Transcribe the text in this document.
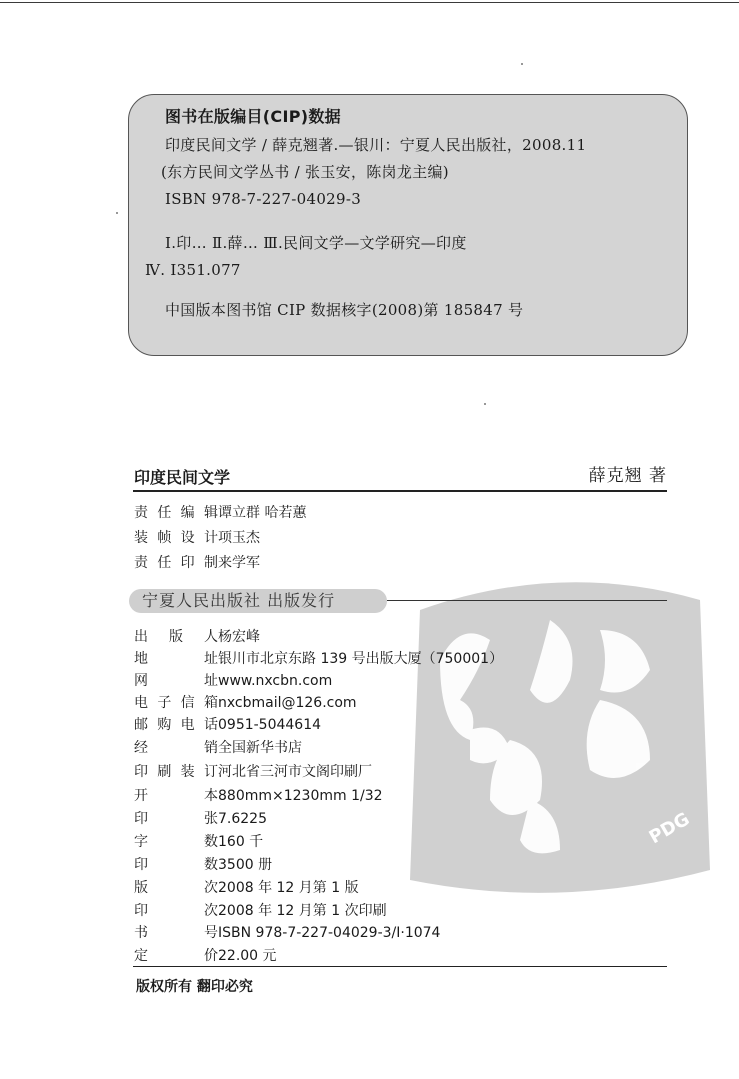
图书在版编目(CIP)数据
印度民间文学 / 薛克翘著.—银川：宁夏人民出版社，2008.11
(东方民间文学丛书 / 张玉安，陈岗龙主编)
ISBN 978-7-227-04029-3
Ⅰ.印… Ⅱ.薛… Ⅲ.民间文学—文学研究—印度
Ⅳ. I351.077
中国版本图书馆 CIP 数据核字(2008)第 185847 号
PDG
印度民间文学	薛克翘 著
责任编辑谭立群 哈若蕙
装帧设计项玉杰
责任印制来学军
宁夏人民出版社 出版发行
出版人杨宏峰
地址银川市北京东路 139 号出版大厦（750001）
网址www.nxcbn.com
电子信箱nxcbmail@126.com
邮购电话0951-5044614
经销全国新华书店
印刷装订河北省三河市文阁印刷厂
开本880mm×1230mm 1/32
印张7.6225
字数160 千
印数3500 册
版次2008 年 12 月第 1 版
印次2008 年 12 月第 1 次印刷
书号ISBN 978-7-227-04029-3/I·1074
定价22.00 元
版权所有 翻印必究
